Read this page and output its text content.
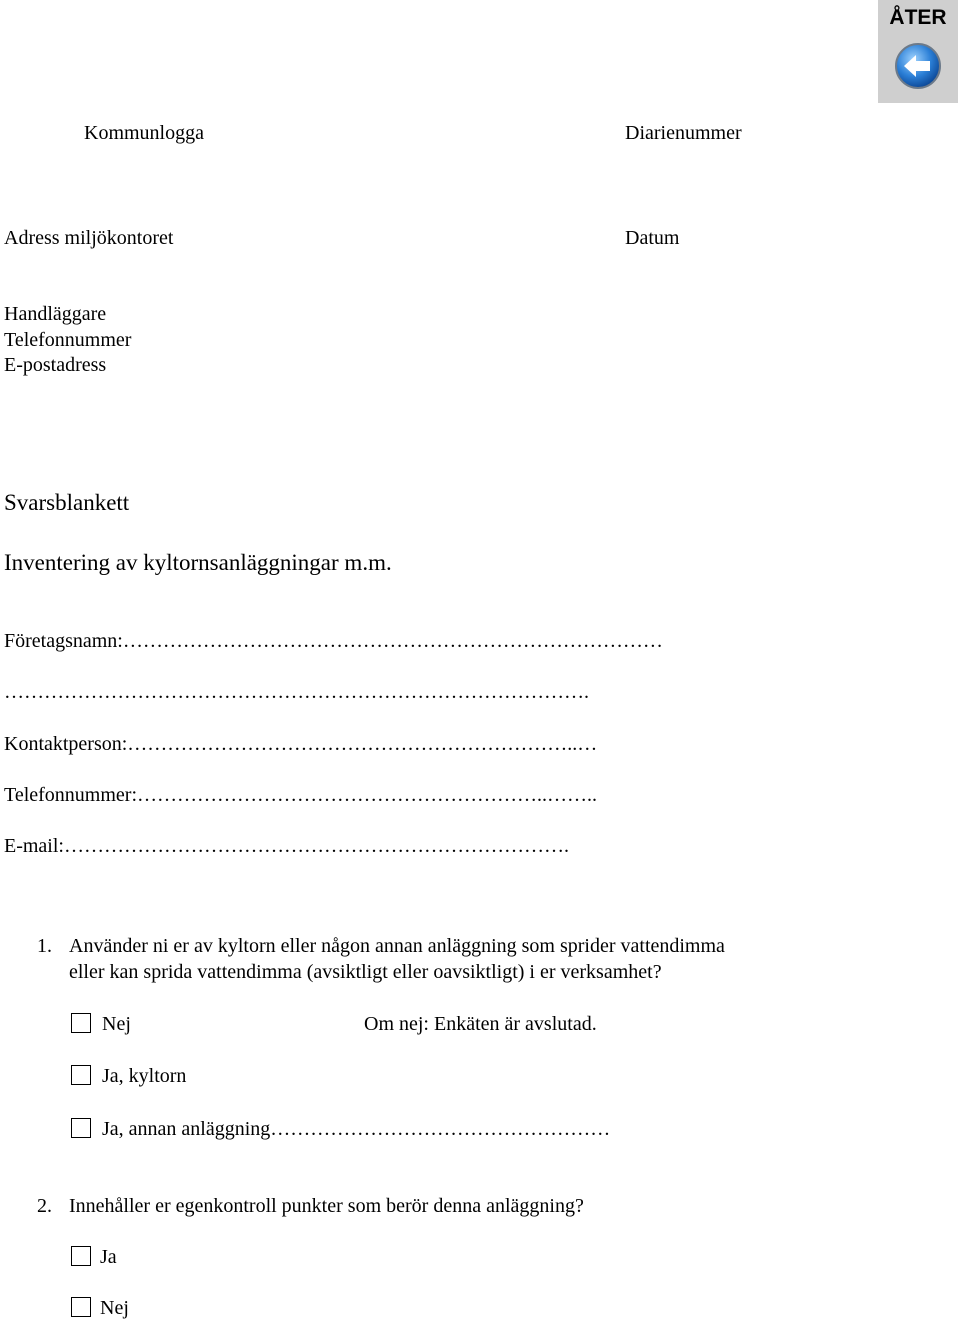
ÅTER
Kommunlogga	Diarienummer
Adress miljökontoret	Datum
Handläggare
Telefonnummer
E-postadress
Svarsblankett
Inventering av kyltornsanläggningar m.m.
Företagsnamn:………………………………………………………………………
…………………………………………………………………………….
Kontaktperson:…………………………………………………………..…
Telefonnummer:……………………………………………………..……..
E-mail:………………………………………………………………….
1. Använder ni er av kyltorn eller någon annan anläggning som sprider vattendimma
eller kan sprida vattendimma (avsiktligt eller oavsiktligt) i er verksamhet?
Nej	Om nej: Enkäten är avslutad.
Ja, kyltorn
Ja, annan anläggning……………………………………………
2. Innehåller er egenkontroll punkter som berör denna anläggning?
Ja
Nej
